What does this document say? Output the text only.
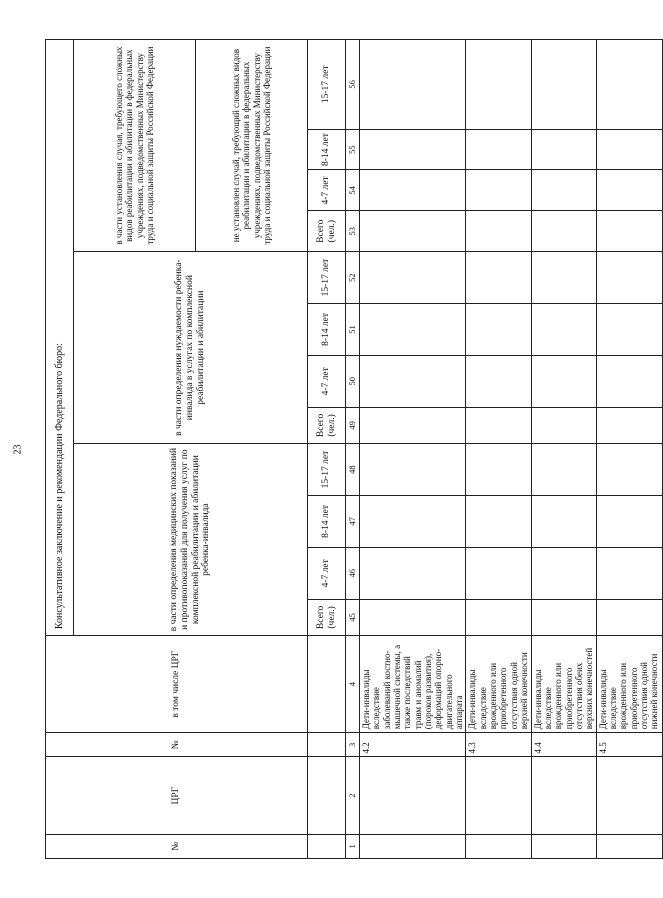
23
№	ЦРГ	№	в том числе ЦРГ	Консультативное заключение и рекомендации Федерального бюро:											
				в части определения медицинских показаний и противопоказаний для получения услуг по комплексной реабилитации и абилитации ребенка-инвалида				в части определения нуждаемости ребенка-инвалида в услугах по комплексной реабилитации и абилитации				в части установления случая, требующего сложных видов реабилитации и абилитации в федеральных учреждениях, подведомственных Министерству труда и социальной защиты Российской Федерации			
												не установлен случай, требующий сложных видов реабилитации и абилитации в федеральных учреждениях, подведомственных Министерству труда и социальной защиты Российской Федерации			
				Всего (чел.)	4-7 лет	8-14 лет	15-17 лет	Всего (чел.)	4-7 лет	8-14 лет	15-17 лет	Всего (чел.)	4-7 лет	8-14 лет	15-17 лет
1	2	3	4	45	46	47	48	49	50	51	52	53	54	55	56
		4.2	Дети-инвалиды вследствие заболеваний костно-мышечной системы, а также последствий травм и аномалий (пороков развития), деформаций опорно-двигательного аппарата												
		4.3	Дети-инвалиды вследствие врожденного или приобретенного отсутствия одной верхней конечности												
		4.4	Дети-инвалиды вследствие врожденного или приобретенного отсутствия обеих верхних конечностей												
		4.5	Дети-инвалиды вследствие врожденного или приобретенного отсутствия одной нижней конечности												
